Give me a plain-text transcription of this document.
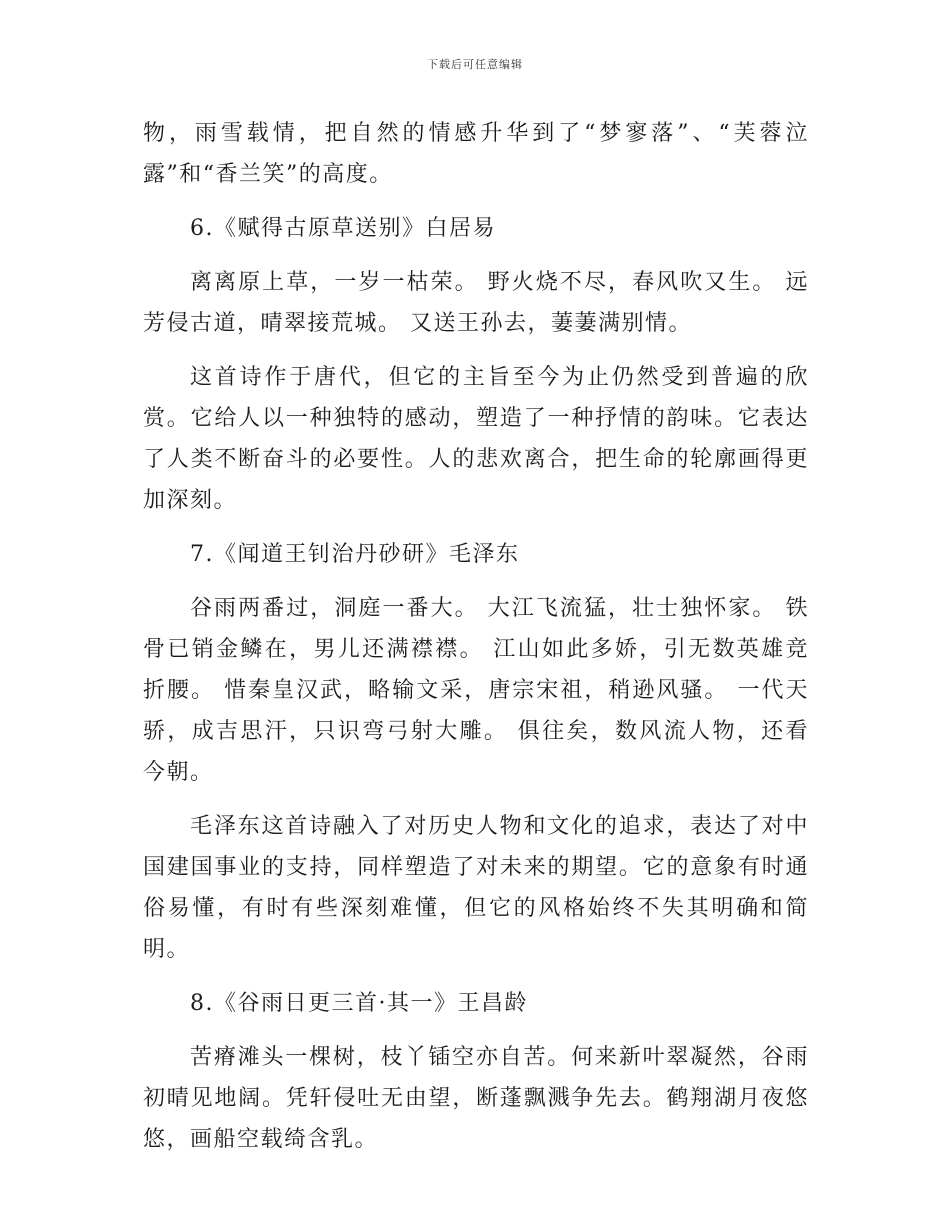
下载后可任意编辑

物，雨雪载情，把自然的情感升华到了“梦寥落”、“芙蓉泣露”和“香兰笑”的高度。

6.《赋得古原草送别》白居易

离离原上草，一岁一枯荣。 野火烧不尽，春风吹又生。 远芳侵古道，晴翠接荒城。 又送王孙去，萋萋满别情。

这首诗作于唐代，但它的主旨至今为止仍然受到普遍的欣赏。它给人以一种独特的感动，塑造了一种抒情的韵味。它表达了人类不断奋斗的必要性。人的悲欢离合，把生命的轮廓画得更加深刻。

7.《闻道王钊治丹砂研》毛泽东

谷雨两番过，洞庭一番大。 大江飞流猛，壮士独怀家。 铁骨已销金鳞在，男儿还满襟襟。 江山如此多娇，引无数英雄竞折腰。 惜秦皇汉武，略输文采，唐宗宋祖，稍逊风骚。 一代天骄，成吉思汗，只识弯弓射大雕。 俱往矣，数风流人物，还看今朝。

毛泽东这首诗融入了对历史人物和文化的追求，表达了对中国建国事业的支持，同样塑造了对未来的期望。它的意象有时通俗易懂，有时有些深刻难懂，但它的风格始终不失其明确和简明。

8.《谷雨日更三首·其一》王昌龄

苦瘠滩头一棵树，枝丫锸空亦自苦。何来新叶翠凝然，谷雨初晴见地阔。凭轩侵吐无由望，断蓬飘溅争先去。鹤翔湖月夜悠悠，画船空载绮含乳。
